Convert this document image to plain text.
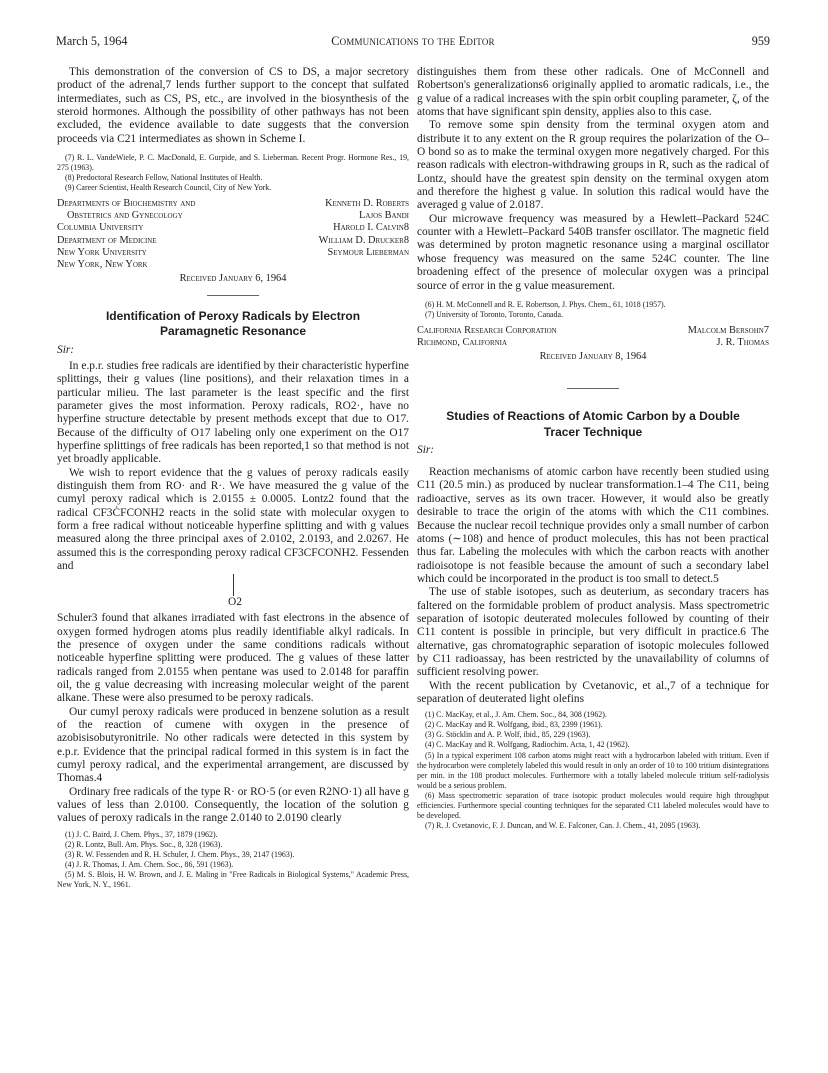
March 5, 1964	Communications to the Editor	959

This demonstration of the conversion of CS to DS, a major secretory product of the adrenal,7 lends further support to the concept that sulfated intermediates, such as CS, PS, etc., are involved in the biosynthesis of the steroid hormones. Although the possibility of other pathways has not been excluded, the evidence available to date suggests that the conversion proceeds via C21 intermediates as shown in Scheme I.

(7) R. L. VandeWiele, P. C. MacDonald, E. Gurpide, and S. Lieberman. Recent Progr. Hormone Res., 19, 275 (1963).
(8) Predoctoral Research Fellow, National Institutes of Health.
(9) Career Scientist, Health Research Council, City of New York.
Departments of Biochemistry and	Kenneth D. Roberts
Obstetrics and Gynecology	Lajos Bandi
Columbia University	Harold I. Calvin8
Department of Medicine	William D. Drucker8
New York University	Seymour Lieberman
New York, New York
Received January 6, 1964
Identification of Peroxy Radicals by Electron Paramagnetic Resonance
Sir:

In e.p.r. studies free radicals are identified by their characteristic hyperfine splittings, their g values (line positions), and their relaxation times in a particular milieu. The last parameter is the least specific and the first parameter gives the most information. Peroxy radicals, RO2·, have no hyperfine structure detectable by present methods except that due to O17. Because of the difficulty of O17 labeling only one experiment on the O17 hyperfine splittings of free radicals has been reported,1 so that method is not yet broadly applicable.

We wish to report evidence that the g values of peroxy radicals easily distinguish them from RO· and R·. We have measured the g value of the cumyl peroxy radical which is 2.0155 ± 0.0005. Lontz2 found that the radical CF3ĊFCONH2 reacts in the solid state with molecular oxygen to form a free radical without noticeable hyperfine splitting and with g values measured along the three principal axes of 2.0102, 2.0193, and 2.0267. He assumed this is the corresponding peroxy radical CF3CFCONH2. Fessenden and

O2

Schuler3 found that alkanes irradiated with fast electrons in the absence of oxygen formed hydrogen atoms plus readily identifiable alkyl radicals. In the presence of oxygen under the same conditions radicals without noticeable hyperfine splitting were produced. The g values of these latter radicals ranged from 2.0155 when pentane was used to 2.0148 for paraffin oil, the g value decreasing with increasing molecular weight of the parent alkane. These were also presumed to be peroxy radicals.

Our cumyl peroxy radicals were produced in benzene solution as a result of the reaction of cumene with oxygen in the presence of azobisisobutyronitrile. No other radicals were detected in this system by e.p.r. Evidence that the principal radical formed in this system is in fact the cumyl peroxy radical, and the experimental arrangement, are discussed by Thomas.4

Ordinary free radicals of the type R· or RO·5 (or even R2NO·1) all have g values of less than 2.0100. Consequently, the location of the solution g values of peroxy radicals in the range 2.0140 to 2.0190 clearly

(1) J. C. Baird, J. Chem. Phys., 37, 1879 (1962).
(2) R. Lontz, Bull. Am. Phys. Soc., 8, 328 (1963).
(3) R. W. Fessenden and R. H. Schuler, J. Chem. Phys., 39, 2147 (1963).
(4) J. R. Thomas, J. Am. Chem. Soc., 86, 591 (1963).
(5) M. S. Blois, H. W. Brown, and J. E. Maling in "Free Radicals in Biological Systems," Academic Press, New York, N. Y., 1961.

distinguishes them from these other radicals. One of McConnell and Robertson's generalizations6 originally applied to aromatic radicals, i.e., the g value of a radical increases with the spin orbit coupling parameter, ζ, of the atoms that have significant spin density, applies also to this case.

To remove some spin density from the terminal oxygen atom and distribute it to any extent on the R group requires the polarization of the O–O bond so as to make the terminal oxygen more negatively charged. For this reason radicals with electron-withdrawing groups in R, such as the radical of Lontz, should have the greatest spin density on the terminal oxygen atom and therefore the highest g value. In solution this radical would have the averaged g value of 2.0187.

Our microwave frequency was measured by a Hewlett–Packard 524C counter with a Hewlett–Packard 540B transfer oscillator. The magnetic field was determined by proton magnetic resonance using a marginal oscillator whose frequency was measured on the same 524C counter. The line broadening effect of the presence of molecular oxygen was a principal source of error in the g value measurement.

(6) H. M. McConnell and R. E. Robertson, J. Phys. Chem., 61, 1018 (1957).
(7) University of Toronto, Toronto, Canada.
California Research Corporation	Malcolm Bersohn7
Richmond, California	J. R. Thomas
Received January 8, 1964
Studies of Reactions of Atomic Carbon by a Double Tracer Technique
Sir:

Reaction mechanisms of atomic carbon have recently been studied using C11 (20.5 min.) as produced by nuclear transformation.1–4 The C11, being radioactive, serves as its own tracer. However, it would also be greatly desirable to trace the origin of the atoms with which the C11 combines. Because the nuclear recoil technique provides only a small number of carbon atoms (∼108) and hence of product molecules, this has not been practical thus far. Labeling the molecules with which the carbon reacts with another radioisotope is not feasible because the amount of such a secondary label which could be incorporated in the product is too small to detect.5

The use of stable isotopes, such as deuterium, as secondary tracers has faltered on the formidable problem of product analysis. Mass spectrometric separation of isotopic deuterated molecules followed by counting of their C11 content is possible in principle, but very difficult in practice.6 The alternative, gas chromatographic separation of isotopic molecules followed by C11 radioassay, has been restricted by the unavailability of columns of sufficient resolving power.

With the recent publication by Cvetanovic, et al.,7 of a technique for separation of deuterated light olefins

(1) C. MacKay, et al., J. Am. Chem. Soc., 84, 308 (1962).
(2) C. MacKay and R. Wolfgang, ibid., 83, 2399 (1961).
(3) G. Stöcklin and A. P. Wolf, ibid., 85, 229 (1963).
(4) C. MacKay and R. Wolfgang, Radiochim. Acta, 1, 42 (1962).
(5) In a typical experiment 108 carbon atoms might react with a hydrocarbon labeled with tritium. Even if the hydrocarbon were completely labeled this would result in only an order of 10 to 100 tritium disintegrations per min. in the 108 product molecules. Furthermore with a totally labeled molecule tritium self-radiolysis would be a serious problem.
(6) Mass spectrometric separation of trace isotopic product molecules would require high throughput efficiencies. Furthermore special counting techniques for the separated C11 labeled molecules would have to be developed.
(7) R. J. Cvetanovic, F. J. Duncan, and W. E. Falconer, Can. J. Chem., 41, 2095 (1963).
